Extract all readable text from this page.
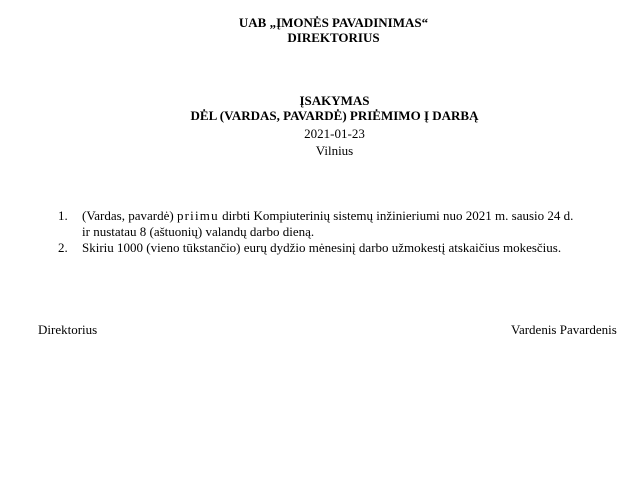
UAB „ĮMONĖS PAVADINIMAS“
DIREKTORIUS
ĮSAKYMAS
DĖL (VARDAS, PAVARDĖ) PRIĖMIMO Į DARBĄ
2021-01-23
Vilnius
1. (Vardas, pavardė) priimu dirbti Kompiuterinių sistemų inžinieriumi nuo 2021 m. sausio 24 d.
ir nustatau 8 (aštuonių) valandų darbo dieną.
2. Skiriu 1000 (vieno tūkstančio) eurų dydžio mėnesinį darbo užmokestį atskaičius mokesčius.
Direktorius	Vardenis Pavardenis
